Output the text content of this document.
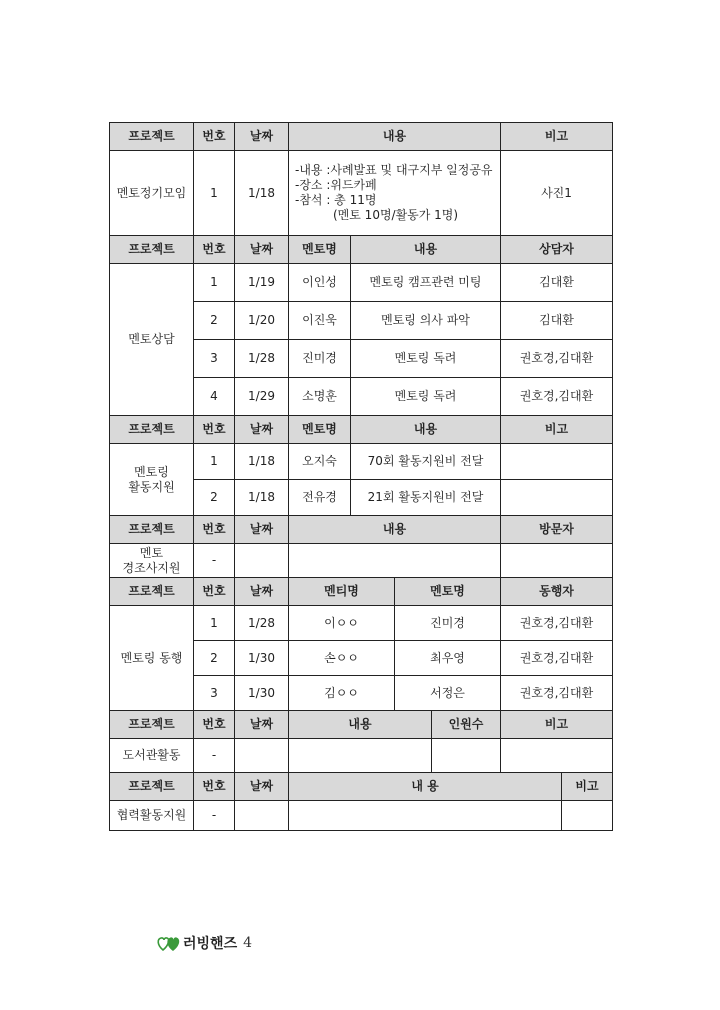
프로젝트	번호	날짜	내용	비고
멘토정기모임	1	1/18	-내용 :사례발표 및 대구지부 일정공유
-장소 :위드카페
-참석 : 총 11명
(멘토 10명/활동가 1명)	사진1
프로젝트	번호	날짜	멘토명	내용	상담자
멘토상담	1	1/19	이인성	멘토링 캠프관련 미팅	김대환
	2	1/20	이진욱	멘토링 의사 파악	김대환
	3	1/28	진미경	멘토링 독려	권호경,김대환
	4	1/29	소명훈	멘토링 독려	권호경,김대환
프로젝트	번호	날짜	멘토명	내용	비고

멘토링
활동지원	1	1/18	오지숙	70회 활동지원비 전달	
	2	1/18	전유경	21회 활동지원비 전달	
프로젝트	번호	날짜	내용	방문자

멘토
경조사지원	-			
프로젝트	번호	날짜	멘티명	멘토명	동행자
멘토링 동행	1	1/28	이ㅇㅇ	진미경	권호경,김대환
	2	1/30	손ㅇㅇ	최우영	권호경,김대환
	3	1/30	김ㅇㅇ	서정은	권호경,김대환
프로젝트	번호	날짜	내용	인원수	비고
도서관활동	-				
프로젝트	번호	날짜	내 용	비고
협력활동지원	-			
러빙핸즈 4
